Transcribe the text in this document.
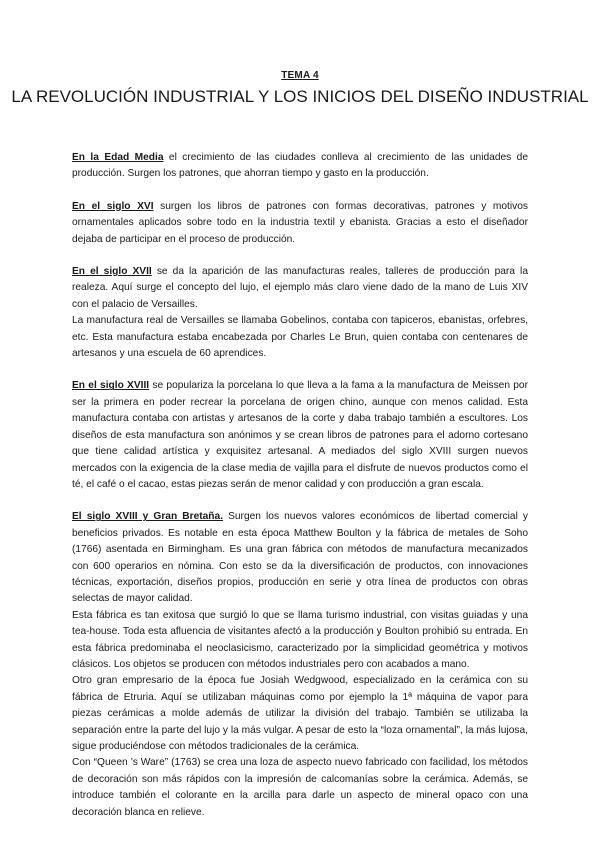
TEMA 4

LA REVOLUCIÓN INDUSTRIAL Y LOS INICIOS DEL DISEÑO INDUSTRIAL

En la Edad Media el crecimiento de las ciudades conlleva al crecimiento de las unidades de producción. Surgen los patrones, que ahorran tiempo y gasto en la producción.

En el siglo XVI surgen los libros de patrones con formas decorativas, patrones y motivos ornamentales aplicados sobre todo en la industria textil y ebanista. Gracias a esto el diseñador dejaba de participar en el proceso de producción.

En el siglo XVII se da la aparición de las manufacturas reales, talleres de producción para la realeza. Aquí surge el concepto del lujo, el ejemplo más claro viene dado de la mano de Luis XIV con el palacio de Versailles.

La manufactura real de Versailles se llamaba Gobelinos, contaba con tapiceros, ebanistas, orfebres, etc. Esta manufactura estaba encabezada por Charles Le Brun, quien contaba con centenares de artesanos y una escuela de 60 aprendices.

En el siglo XVIII se populariza la porcelana lo que lleva a la fama a la manufactura de Meissen por ser la primera en poder recrear la porcelana de origen chino, aunque con menos calidad. Esta manufactura contaba con artistas y artesanos de la corte y daba trabajo también a escultores. Los diseños de esta manufactura son anónimos y se crean libros de patrones para el adorno cortesano que tiene calidad artística y exquisitez artesanal. A mediados del siglo XVIII surgen nuevos mercados con la exigencia de la clase media de vajilla para el disfrute de nuevos productos como el té, el café o el cacao, estas piezas serán de menor calidad y con producción a gran escala.

El siglo XVIII y Gran Bretaña. Surgen los nuevos valores económicos de libertad comercial y beneficios privados. Es notable en esta época Matthew Boulton y la fábrica de metales de Soho (1766) asentada en Birmingham. Es una gran fábrica con métodos de manufactura mecanizados con 600 operarios en nómina. Con esto se da la diversificación de productos, con innovaciones técnicas, exportación, diseños propios, producción en serie y otra línea de productos con obras selectas de mayor calidad.

Esta fábrica es tan exitosa que surgió lo que se llama turismo industrial, con visitas guiadas y una tea-house. Toda esta afluencia de visitantes afectó a la producción y Boulton prohibió su entrada. En esta fábrica predominaba el neoclasicismo, caracterizado por la simplicidad geométrica y motivos clásicos. Los objetos se producen con métodos industriales pero con acabados a mano.

Otro gran empresario de la época fue Josiah Wedgwood, especializado en la cerámica con su fábrica de Etruria. Aquí se utilizaban máquinas como por ejemplo la 1ª máquina de vapor para piezas cerámicas a molde además de utilizar la división del trabajo. También se utilizaba la separación entre la parte del lujo y la más vulgar. A pesar de esto la “loza ornamental”, la más lujosa, sigue produciéndose con métodos tradicionales de la cerámica.

Con “Queen ’s Ware” (1763) se crea una loza de aspecto nuevo fabricado con facilidad, los métodos de decoración son más rápidos con la impresión de calcomanías sobre la cerámica. Además, se introduce también el colorante en la arcilla para darle un aspecto de mineral opaco con una decoración blanca en relieve.
